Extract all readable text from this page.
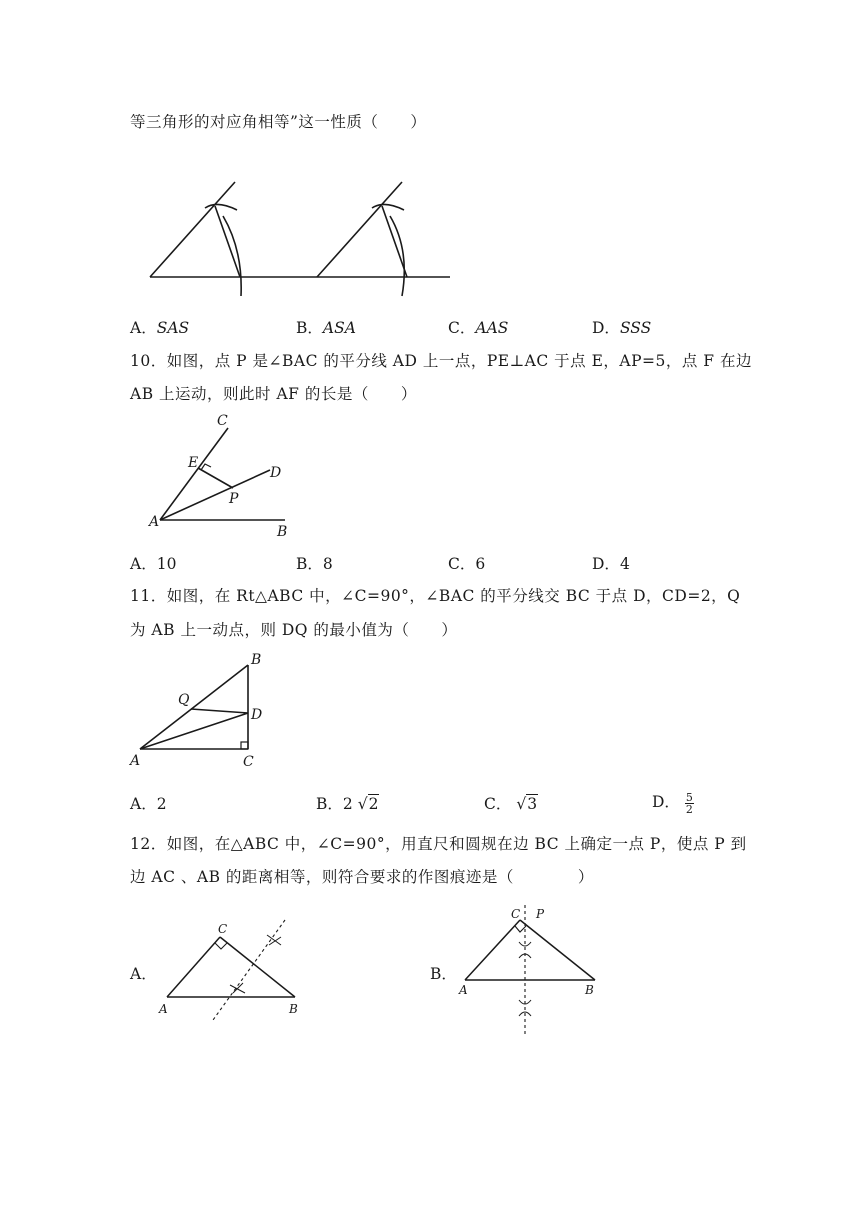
等三角形的对应角相等”这一性质（　　）
A．SAS	B．ASA	C．AAS	D．SSS
10．如图，点 P 是∠BAC 的平分线 AD 上一点，PE⊥AC 于点 E，AP=5，点 F 在边
AB 上运动，则此时 AF 的长是（　　）
C
E
D
P
A
B
A．10	B．8	C．6	D．4
11．如图，在 Rt△ABC 中，∠C=90°，∠BAC 的平分线交 BC 于点 D，CD=2，Q
为 AB 上一动点，则 DQ 的最小值为（　　）
B
Q
D
A	C
A．2	B．2 √2	C． √3	D． $\frac{5}{2}$
12．如图，在△ABC 中，∠C=90°，用直尺和圆规在边 BC 上确定一点 P，使点 P 到
边 AC 、AB 的距离相等，则符合要求的作图痕迹是（　　　　）
A．
C
A	B
B．
C P
A	B
